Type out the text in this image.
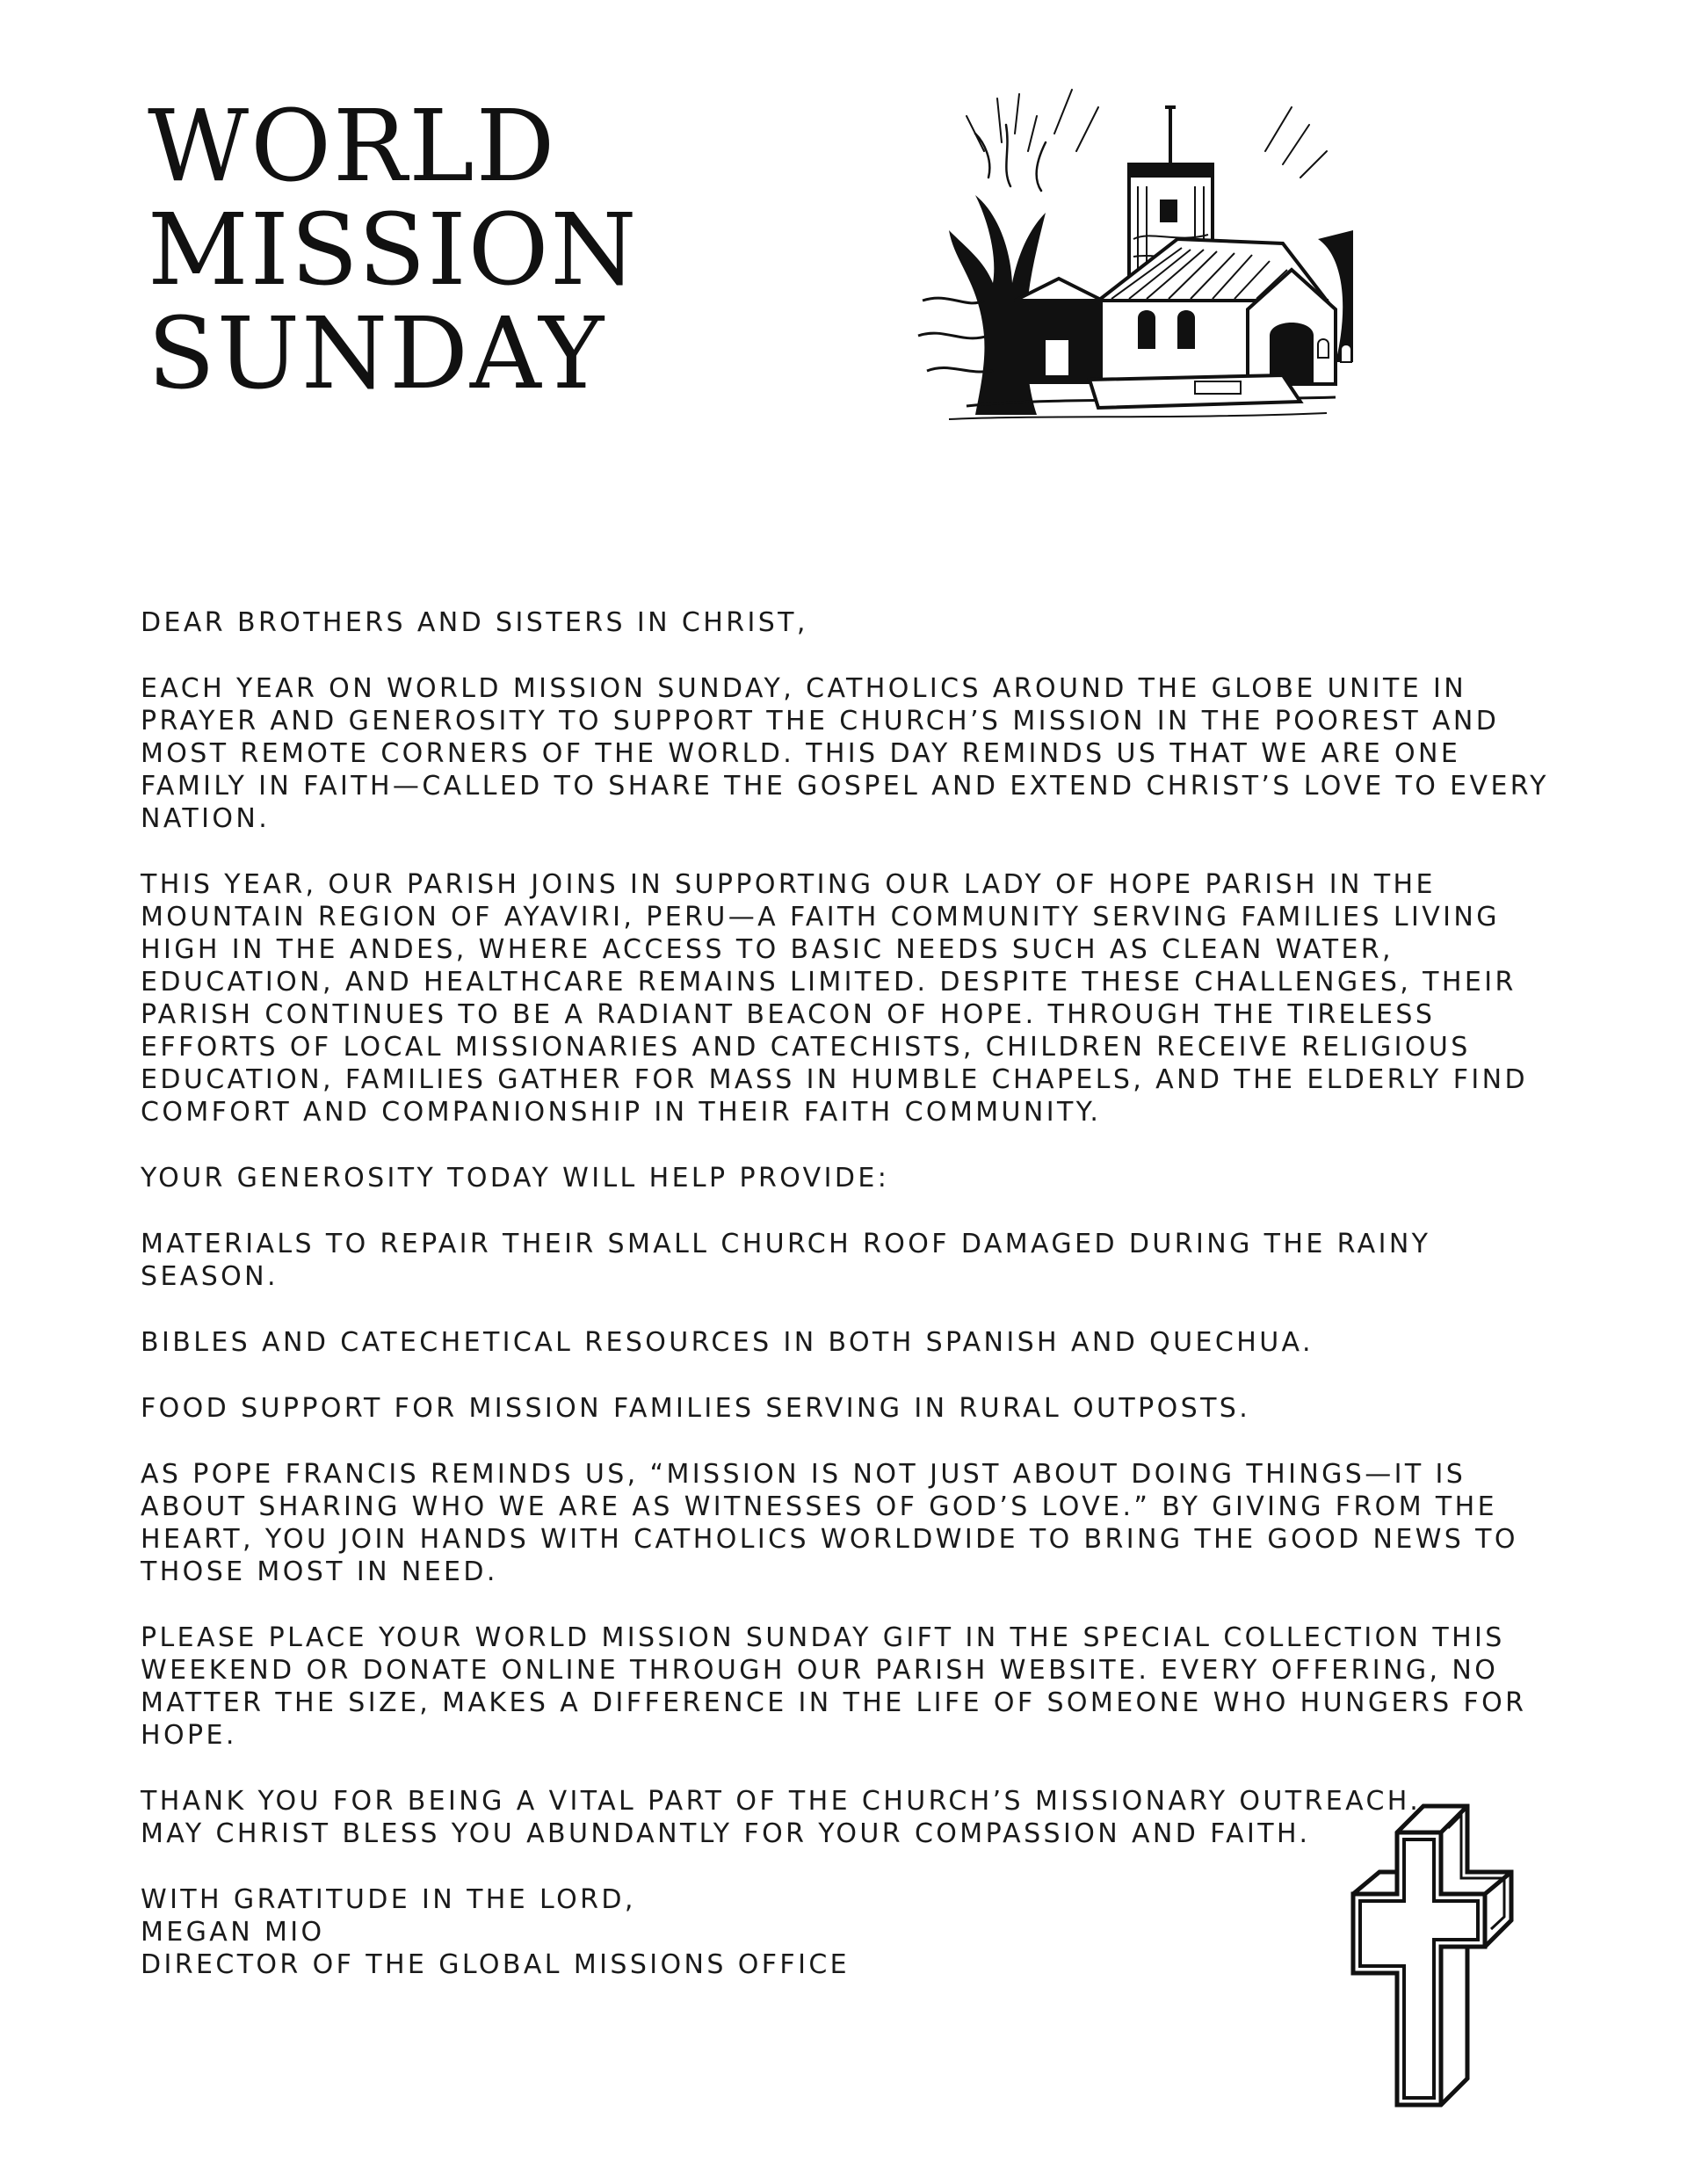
WORLD
MISSION
SUNDAY

DEAR BROTHERS AND SISTERS IN CHRIST,

EACH YEAR ON WORLD MISSION SUNDAY, CATHOLICS AROUND THE GLOBE UNITE IN PRAYER AND GENEROSITY TO SUPPORT THE CHURCH’S MISSION IN THE POOREST AND MOST REMOTE CORNERS OF THE WORLD. THIS DAY REMINDS US THAT WE ARE ONE FAMILY IN FAITH—CALLED TO SHARE THE GOSPEL AND EXTEND CHRIST’S LOVE TO EVERY NATION.

THIS YEAR, OUR PARISH JOINS IN SUPPORTING OUR LADY OF HOPE PARISH IN THE MOUNTAIN REGION OF AYAVIRI, PERU—A FAITH COMMUNITY SERVING FAMILIES LIVING HIGH IN THE ANDES, WHERE ACCESS TO BASIC NEEDS SUCH AS CLEAN WATER, EDUCATION, AND HEALTHCARE REMAINS LIMITED. DESPITE THESE CHALLENGES, THEIR PARISH CONTINUES TO BE A RADIANT BEACON OF HOPE. THROUGH THE TIRELESS EFFORTS OF LOCAL MISSIONARIES AND CATECHISTS, CHILDREN RECEIVE RELIGIOUS EDUCATION, FAMILIES GATHER FOR MASS IN HUMBLE CHAPELS, AND THE ELDERLY FIND COMFORT AND COMPANIONSHIP IN THEIR FAITH COMMUNITY.

YOUR GENEROSITY TODAY WILL HELP PROVIDE:

MATERIALS TO REPAIR THEIR SMALL CHURCH ROOF DAMAGED DURING THE RAINY SEASON.

BIBLES AND CATECHETICAL RESOURCES IN BOTH SPANISH AND QUECHUA.

FOOD SUPPORT FOR MISSION FAMILIES SERVING IN RURAL OUTPOSTS.

AS POPE FRANCIS REMINDS US, “MISSION IS NOT JUST ABOUT DOING THINGS—IT IS ABOUT SHARING WHO WE ARE AS WITNESSES OF GOD’S LOVE.” BY GIVING FROM THE HEART, YOU JOIN HANDS WITH CATHOLICS WORLDWIDE TO BRING THE GOOD NEWS TO THOSE MOST IN NEED.

PLEASE PLACE YOUR WORLD MISSION SUNDAY GIFT IN THE SPECIAL COLLECTION THIS WEEKEND OR DONATE ONLINE THROUGH OUR PARISH WEBSITE. EVERY OFFERING, NO MATTER THE SIZE, MAKES A DIFFERENCE IN THE LIFE OF SOMEONE WHO HUNGERS FOR HOPE.

THANK YOU FOR BEING A VITAL PART OF THE CHURCH’S MISSIONARY OUTREACH.

MAY CHRIST BLESS YOU ABUNDANTLY FOR YOUR COMPASSION AND FAITH.

WITH GRATITUDE IN THE LORD,

MEGAN MIO

DIRECTOR OF THE GLOBAL MISSIONS OFFICE
